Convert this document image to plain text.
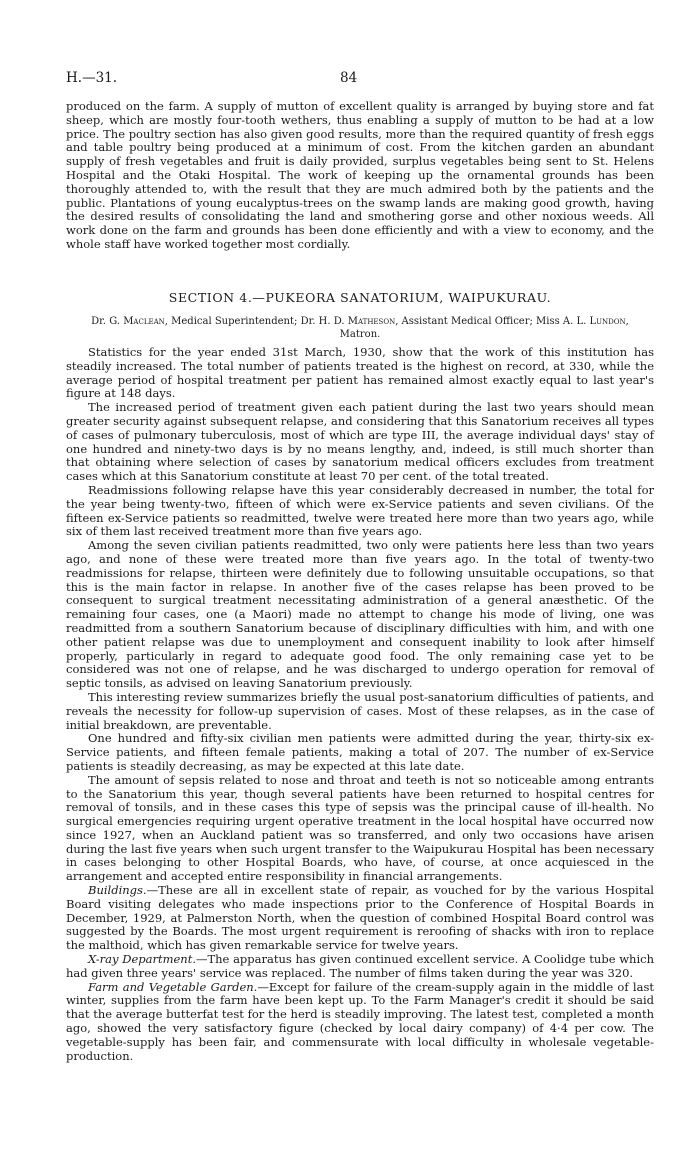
H.—31.	84

produced on the farm. A supply of mutton of excellent quality is arranged by buying store and fat sheep, which are mostly four-tooth wethers, thus enabling a supply of mutton to be had at a low price. The poultry section has also given good results, more than the required quantity of fresh eggs and table poultry being produced at a minimum of cost. From the kitchen garden an abundant supply of fresh vegetables and fruit is daily provided, surplus vegetables being sent to St. Helens Hospital and the Otaki Hospital. The work of keeping up the ornamental grounds has been thoroughly attended to, with the result that they are much admired both by the patients and the public. Plantations of young eucalyptus-trees on the swamp lands are making good growth, having the desired results of consolidating the land and smothering gorse and other noxious weeds. All work done on the farm and grounds has been done efficiently and with a view to economy, and the whole staff have worked together most cordially.

SECTION 4.—PUKEORA SANATORIUM, WAIPUKURAU.
Dr. G. Maclean, Medical Superintendent; Dr. H. D. Matheson, Assistant Medical Officer; Miss A. L. Lundon,
Matron.

Statistics for the year ended 31st March, 1930, show that the work of this institution has steadily increased. The total number of patients treated is the highest on record, at 330, while the average period of hospital treatment per patient has remained almost exactly equal to last year's figure at 148 days.

The increased period of treatment given each patient during the last two years should mean greater security against subsequent relapse, and considering that this Sanatorium receives all types of cases of pulmonary tuberculosis, most of which are type III, the average individual days' stay of one hundred and ninety-two days is by no means lengthy, and, indeed, is still much shorter than that obtaining where selection of cases by sanatorium medical officers excludes from treatment cases which at this Sanatorium constitute at least 70 per cent. of the total treated.

Readmissions following relapse have this year considerably decreased in number, the total for the year being twenty-two, fifteen of which were ex-Service patients and seven civilians. Of the fifteen ex-Service patients so readmitted, twelve were treated here more than two years ago, while six of them last received treatment more than five years ago.

Among the seven civilian patients readmitted, two only were patients here less than two years ago, and none of these were treated more than five years ago. In the total of twenty-two readmissions for relapse, thirteen were definitely due to following unsuitable occupations, so that this is the main factor in relapse. In another five of the cases relapse has been proved to be consequent to surgical treatment necessitating administration of a general anæsthetic. Of the remaining four cases, one (a Maori) made no attempt to change his mode of living, one was readmitted from a southern Sanatorium because of disciplinary difficulties with him, and with one other patient relapse was due to unemployment and consequent inability to look after himself properly, particularly in regard to adequate good food. The only remaining case yet to be considered was not one of relapse, and he was discharged to undergo operation for removal of septic tonsils, as advised on leaving Sanatorium previously.

This interesting review summarizes briefly the usual post-sanatorium difficulties of patients, and reveals the necessity for follow-up supervision of cases. Most of these relapses, as in the case of initial breakdown, are preventable.

One hundred and fifty-six civilian men patients were admitted during the year, thirty-six ex-Service patients, and fifteen female patients, making a total of 207. The number of ex-Service patients is steadily decreasing, as may be expected at this late date.

The amount of sepsis related to nose and throat and teeth is not so noticeable among entrants to the Sanatorium this year, though several patients have been returned to hospital centres for removal of tonsils, and in these cases this type of sepsis was the principal cause of ill-health. No surgical emergencies requiring urgent operative treatment in the local hospital have occurred now since 1927, when an Auckland patient was so transferred, and only two occasions have arisen during the last five years when such urgent transfer to the Waipukurau Hospital has been necessary in cases belonging to other Hospital Boards, who have, of course, at once acquiesced in the arrangement and accepted entire responsibility in financial arrangements.

Buildings.—These are all in excellent state of repair, as vouched for by the various Hospital Board visiting delegates who made inspections prior to the Conference of Hospital Boards in December, 1929, at Palmerston North, when the question of combined Hospital Board control was suggested by the Boards. The most urgent requirement is reroofing of shacks with iron to replace the malthoid, which has given remarkable service for twelve years.

X-ray Department.—The apparatus has given continued excellent service. A Coolidge tube which had given three years' service was replaced. The number of films taken during the year was 320.

Farm and Vegetable Garden.—Except for failure of the cream-supply again in the middle of last winter, supplies from the farm have been kept up. To the Farm Manager's credit it should be said that the average butterfat test for the herd is steadily improving. The latest test, completed a month ago, showed the very satisfactory figure (checked by local dairy company) of 4·4 per cow. The vegetable-supply has been fair, and commensurate with local difficulty in wholesale vegetable-production.
